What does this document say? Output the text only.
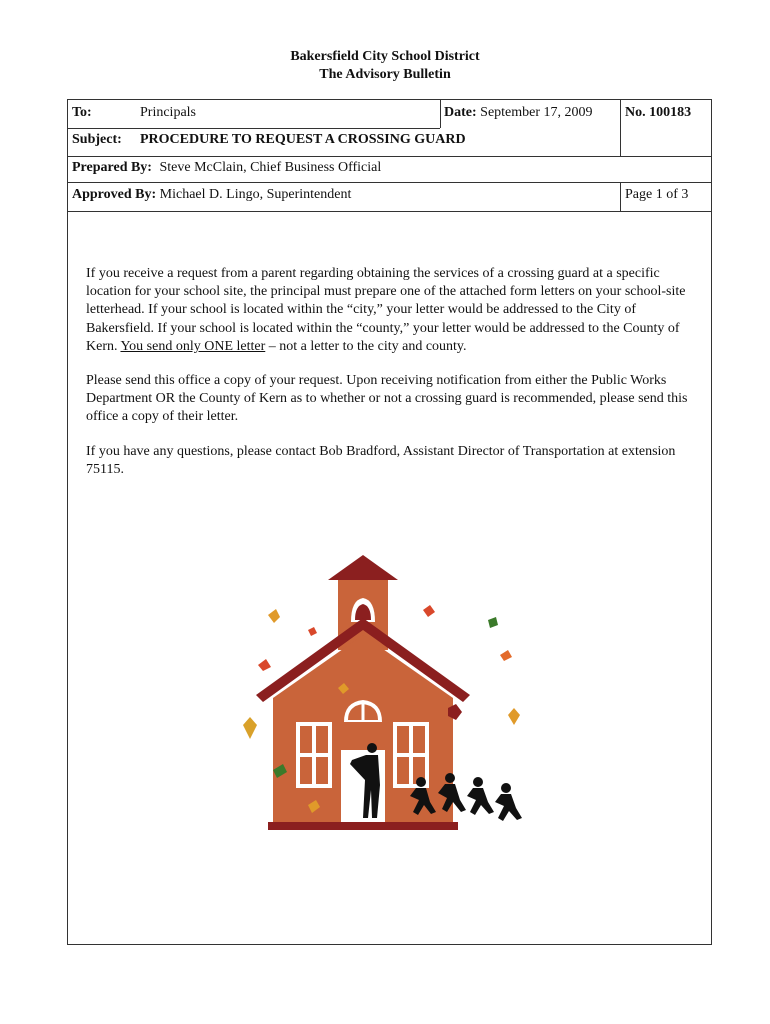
Bakersfield City School District
The Advisory Bulletin
To:	Principals	Date: September 17, 2009 No. 100183
Subject: PROCEDURE TO REQUEST A CROSSING GUARD
Prepared By: Steve McClain, Chief Business Official
Approved By: Michael D. Lingo, Superintendent	Page 1 of 3

If you receive a request from a parent regarding obtaining the services of a crossing guard at a specific location for your school site, the principal must prepare one of the attached form letters on your school-site letterhead. If your school is located within the “city,” your letter would be addressed to the City of Bakersfield. If your school is located within the “county,” your letter would be addressed to the County of Kern. You send only ONE letter – not a letter to the city and county.

Please send this office a copy of your request. Upon receiving notification from either the Public Works Department OR the County of Kern as to whether or not a crossing guard is recommended, please send this office a copy of their letter.

If you have any questions, please contact Bob Bradford, Assistant Director of Transportation at extension 75115.
